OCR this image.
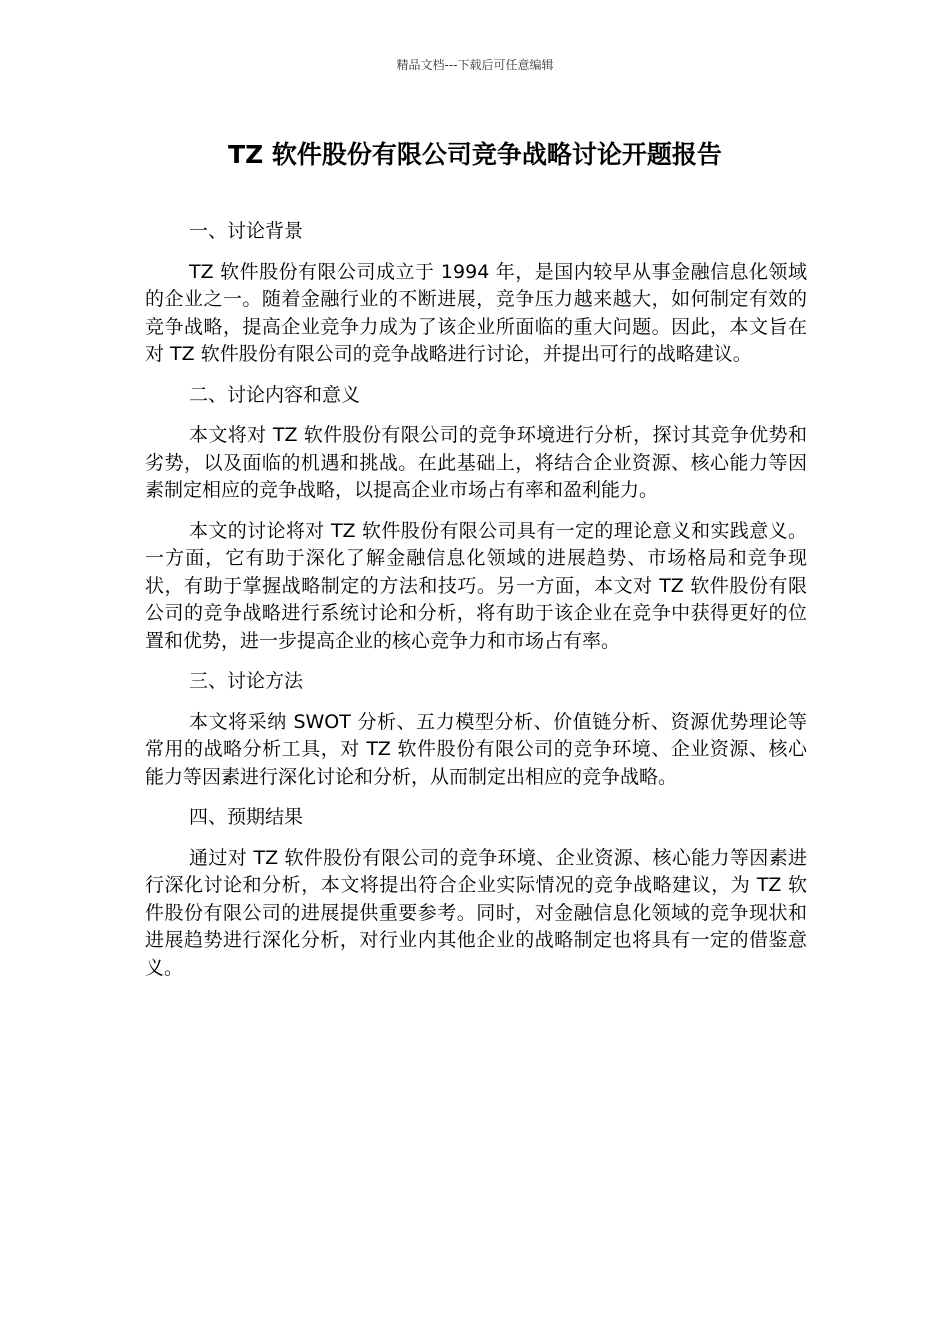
精品文档---下载后可任意编辑
TZ 软件股份有限公司竞争战略讨论开题报告

一、讨论背景

TZ 软件股份有限公司成立于 1994 年，是国内较早从事金融信息化领域的企业之一。随着金融行业的不断进展，竞争压力越来越大，如何制定有效的竞争战略，提高企业竞争力成为了该企业所面临的重大问题。因此，本文旨在对 TZ 软件股份有限公司的竞争战略进行讨论，并提出可行的战略建议。

二、讨论内容和意义

本文将对 TZ 软件股份有限公司的竞争环境进行分析，探讨其竞争优势和劣势，以及面临的机遇和挑战。在此基础上，将结合企业资源、核心能力等因素制定相应的竞争战略，以提高企业市场占有率和盈利能力。

本文的讨论将对 TZ 软件股份有限公司具有一定的理论意义和实践意义。一方面，它有助于深化了解金融信息化领域的进展趋势、市场格局和竞争现状，有助于掌握战略制定的方法和技巧。另一方面，本文对 TZ 软件股份有限公司的竞争战略进行系统讨论和分析，将有助于该企业在竞争中获得更好的位置和优势，进一步提高企业的核心竞争力和市场占有率。

三、讨论方法

本文将采纳 SWOT 分析、五力模型分析、价值链分析、资源优势理论等常用的战略分析工具，对 TZ 软件股份有限公司的竞争环境、企业资源、核心能力等因素进行深化讨论和分析，从而制定出相应的竞争战略。

四、预期结果

通过对 TZ 软件股份有限公司的竞争环境、企业资源、核心能力等因素进行深化讨论和分析，本文将提出符合企业实际情况的竞争战略建议，为 TZ 软件股份有限公司的进展提供重要参考。同时，对金融信息化领域的竞争现状和进展趋势进行深化分析，对行业内其他企业的战略制定也将具有一定的借鉴意义。
